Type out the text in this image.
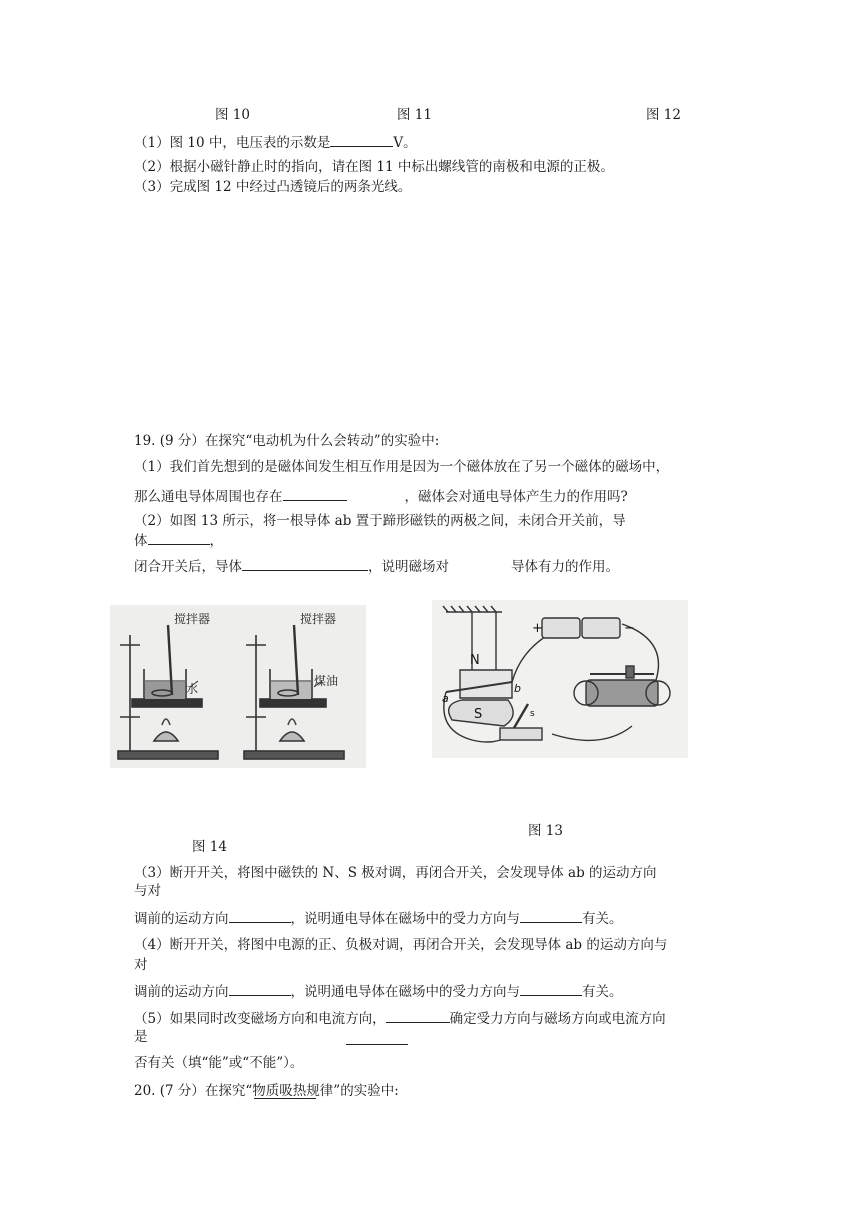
图 10	图 11	图 12
（1）图 10 中，电压表的示数是	V。
（2）根据小磁针静止时的指向，请在图 11 中标出螺线管的南极和电源的正极。
（3）完成图 12 中经过凸透镜后的两条光线。
19. (9 分）在探究“电动机为什么会转动”的实验中:
（1）我们首先想到的是磁体间发生相互作用是因为一个磁体放在了另一个磁体的磁场中，
那么通电导体周围也存在	，磁体会对通电导体产生力的作用吗?
（2）如图 13 所示，将一根导体 ab 置于蹄形磁铁的两极之间，未闭合开关前，导
体	，
闭合开关后，导体	，说明磁场对	导体有力的作用。
搅拌器
水
搅拌器
煤油
N
S
a
b
s
+	−
图 13
图 14
（3）断开开关，将图中磁铁的 N、S 极对调，再闭合开关，会发现导体 ab 的运动方向
与对
调前的运动方向	，说明通电导体在磁场中的受力方向与	有关。
（4）断开开关，将图中电源的正、负极对调，再闭合开关，会发现导体 ab 的运动方向与
对
调前的运动方向	，说明通电导体在磁场中的受力方向与	有关。
（5）如果同时改变磁场方向和电流方向，	确定受力方向与磁场方向或电流方向
是
否有关（填“能”或“不能”）。
20. (7 分）在探究“物质吸热规律”的实验中:
